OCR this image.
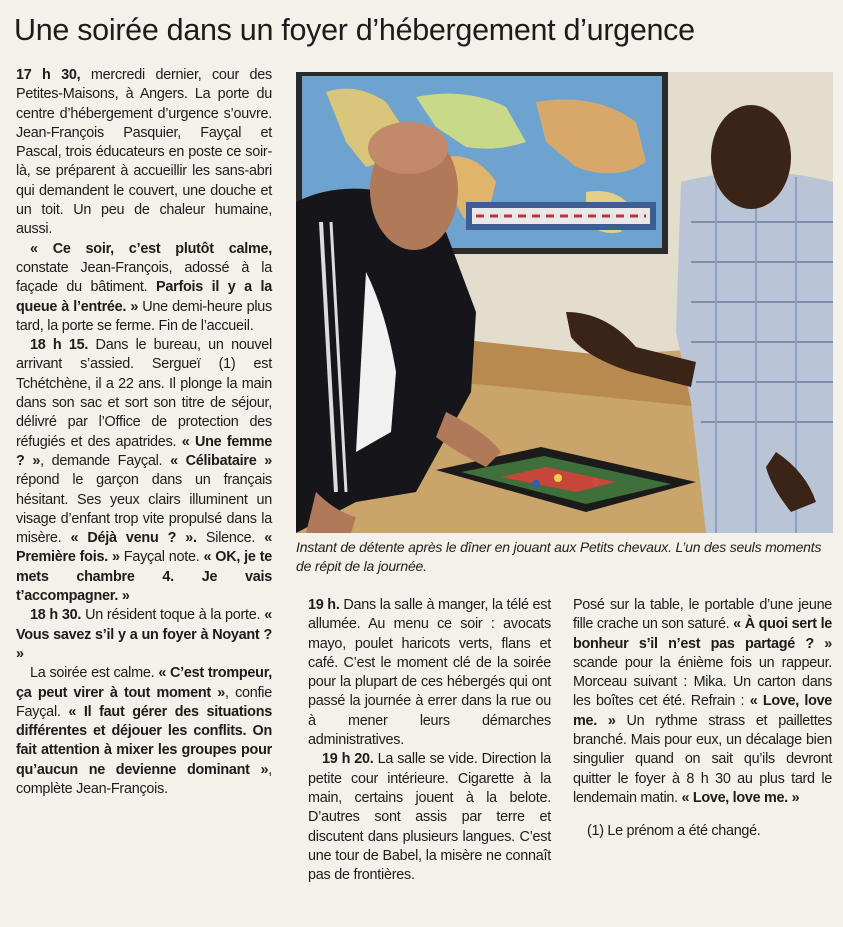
Une soirée dans un foyer d’hébergement d’urgence

17 h 30, mercredi dernier, cour des Petites-Maisons, à Angers. La porte du centre d’hébergement d’urgence s’ouvre. Jean-François Pasquier, Fayçal et Pascal, trois éducateurs en poste ce soir-là, se préparent à accueillir les sans-abri qui demandent le couvert, une douche et un toit. Un peu de chaleur humaine, aussi.

« Ce soir, c’est plutôt calme, constate Jean-François, adossé à la façade du bâtiment. Parfois il y a la queue à l’entrée. » Une demi-heure plus tard, la porte se ferme. Fin de l’accueil.

18 h 15. Dans le bureau, un nouvel arrivant s’assied. Sergueï (1) est Tchétchène, il a 22 ans. Il plonge la main dans son sac et sort son titre de séjour, délivré par l’Office de protection des réfugiés et des apatrides. « Une femme ? », demande Fayçal. « Célibataire » répond le garçon dans un français hésitant. Ses yeux clairs illuminent un visage d’enfant trop vite propulsé dans la misère. « Déjà venu ? ». Silence. « Première fois. » Fayçal note. « OK, je te mets chambre 4. Je vais t’accompagner. »

18 h 30. Un résident toque à la porte. « Vous savez s’il y a un foyer à Noyant ? »

La soirée est calme. « C’est trompeur, ça peut virer à tout moment », confie Fayçal. « Il faut gérer des situations différentes et déjouer les conflits. On fait attention à mixer les groupes pour qu’aucun ne devienne dominant », complète Jean-François.

Instant de détente après le dîner en jouant aux Petits chevaux. L’un des seuls moments de répit de la journée.

19 h. Dans la salle à manger, la télé est allumée. Au menu ce soir : avocats mayo, poulet haricots verts, flans et café. C’est le moment clé de la soirée pour la plupart de ces hébergés qui ont passé la journée à errer dans la rue ou à mener leurs démarches administratives.

19 h 20. La salle se vide. Direction la petite cour intérieure. Cigarette à la main, certains jouent à la belote. D’autres sont assis par terre et discutent dans plusieurs langues. C’est une tour de Babel, la misère ne connaît pas de frontières.

Posé sur la table, le portable d’une jeune fille crache un son saturé. « À quoi sert le bonheur s’il n’est pas partagé ? » scande pour la énième fois un rappeur. Morceau suivant : Mika. Un carton dans les boîtes cet été. Refrain : « Love, love me. » Un rythme strass et paillettes branché. Mais pour eux, un décalage bien singulier quand on sait qu’ils devront quitter le foyer à 8 h 30 au plus tard le lendemain matin. « Love, love me. »

(1) Le prénom a été changé.
